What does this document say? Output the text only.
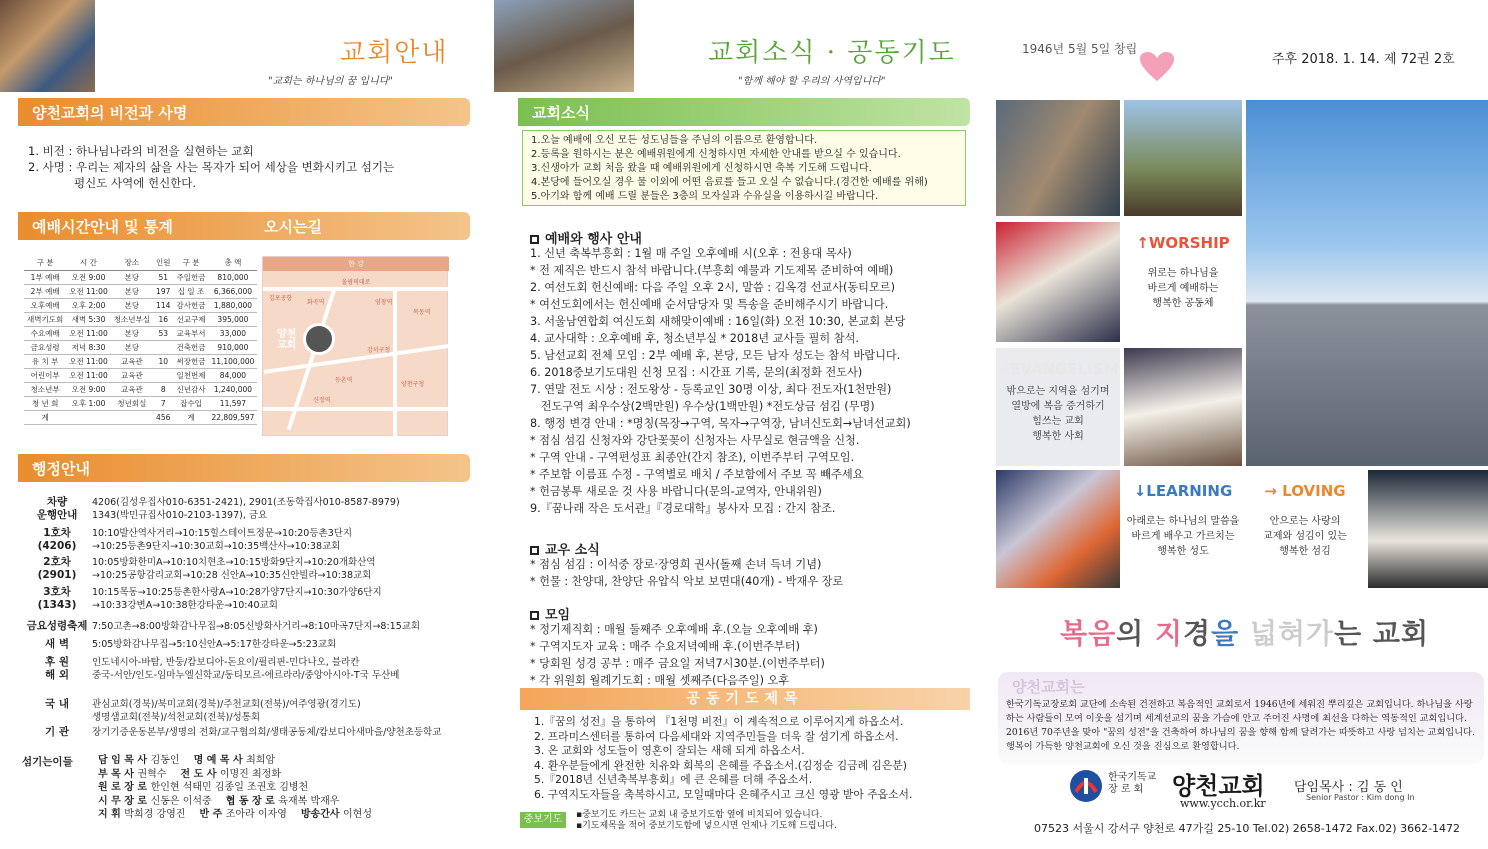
교회안내
"교회는 하나님의 꿈 입니다"
양천교회의 비전과 사명
1. 비전 : 하나님나라의 비전을 실현하는 교회
2. 사명 : 우리는 제자의 삶을 사는 목자가 되어 세상을 변화시키고 섬기는
평신도 사역에 헌신한다.
예배시간안내 및 통계	오시는길
구 분	시 간	장소	인원	구 분	총 액
1부 예배	오전 9:00	본당	51	주일헌금	810,000
2부 예배	오전 11:00	본당	197	십 일 조	6,366,000
오후예배	오후 2:00	본당	114	감사헌금	1,880,000
새벽기도회	새벽 5:30	청소년부실	16	선교구제	395,000
수요예배	오전 11:00	본당	53	교육부서	33,000
금요성령	저녁 8:30	본당		건축헌금	910,000
유 치 부	오전 11:00	교육관	10	써장헌금	11,100,000
어린이부	오전 11:00	교육관		일천번제	84,000
청소년부	오전 9:00	교육관	8	신년감사	1,240,000
청 년 회	오후 1:00	청년회실	7	잡수입	11,597
계			456	계	22,809,597
한 강
올림픽대로
양천
교회
김포공항
화곡역	염창역
목동역
강서구청
등촌역
신정역
양천구청
행정안내
섬기는이들	담 임 목 사 김동인 명 예 목 사 최희암
부 목 사 권혁수 전 도 사 이명진 최정화
원 로 장 로 한인현 석태민 김종일 조권호 김병천
시 무 장 로 신동은 이석중 협 동 장 로 육재복 박재우
지 휘 박희경 강영진 반 주 조아라 이자영 방송간사 이현성
차량
운행안내
4206(김성우집사010-6351-2421), 2901(조동학집사010-8587-8979)
1343(박민규집사010-2103-1397), 금요
1호차
(4206)
10:10발산역사거리→10:15힐스테이트정문→10:20등촌3단지
→10:25등촌9단지→10:30교회→10:35백산사→10:38교회
2호차
(2901)
10:05방화한미A→10:10치현초→10:15방화9단지→10:20개화산역
→10:25공항감리교회→10:28 신안A→10:35신안빌라→10:38교회
3호차
(1343)
10:15목동→10:25등촌한사랑A→10:28가양7단지→10:30가양6단지
→10:33강변A→10:38한강타운→10:40교회
금요성령축제 7:50고촌→8:00방화감나무집→8:05신방화사거리→8:10마곡7단지→8:15교회
새 벽	5:05방화감나무집→5:10신안A→5:17한강타운→5:23교회
후 원
해 외
인도네시아-바탐, 반둥/캄보디아-돈요이/필리핀-민다나오, 블라칸
중국-서안/인도-임마누엘신학교/동티모르-에르라라/중앙아시아-T국 두산베
국 내	관심교회(경북)/북미교회(경북)/주천교회(전북)/여주영광(경기도)
생명샘교회(전북)/석천교회(전북)/성통회
기 관	장기기증운동본부/생명의 전화/교구협의회/생태공동체/캄보디아새마을/양천초등학교
교회소식 · 공동기도
"함께 해야 할 우리의 사역입니다"
교회소식
1.오늘 예배에 오신 모든 성도님들을 주님의 이름으로 환영합니다.
2.등록을 원하시는 분은 예배위원에게 신청하시면 자세한 안내를 받으실 수 있습니다.
3.신생아가 교회 처음 왔을 때 예배위원에게 신청하시면 축복 기도해 드립니다.
4.본당에 들어오실 경우 물 이외에 어떤 음료를 들고 오실 수 없습니다.(경건한 예배를 위해)
5.아기와 함께 예배 드릴 분들은 3층의 모자실과 수유실을 이용하시길 바랍니다.
예배와 행사 안내
1. 신년 축복부흥회 : 1월 매 주일 오후예배 시(오후 : 전용대 목사)
* 전 제직은 반드시 참석 바랍니다.(부흥회 예물과 기도제목 준비하여 예배)
2. 여선도회 헌신예배: 다음 주일 오후 2시, 말씀 : 김옥경 선교사(동티모르)
* 여선도회에서는 헌신예배 순서담당자 및 특송을 준비해주시기 바랍니다.
3. 서울남연합회 여신도회 새해맞이예배 : 16일(화) 오전 10:30, 본교회 본당
4. 교사대학 : 오후예배 후, 청소년부실 * 2018년 교사들 필히 참석.
5. 남선교회 전체 모임 : 2부 예배 후, 본당, 모든 남자 성도는 참석 바랍니다.
6. 2018중보기도대원 신청 모집 : 시간표 기록, 문의(최정화 전도사)
7. 연말 전도 시상 : 전도왕상 - 등록교인 30명 이상, 최다 전도자(1천만원)
전도구역 최우수상(2백만원) 우수상(1백만원) *전도상금 섬김 (무명)
8. 행정 변경 안내 : *명칭(목장→구역, 목자→구역장, 남녀신도회→남녀선교회)
* 점심 섬김 신청자와 강단꽃꽂이 신청자는 사무실로 현금액을 신청.
* 구역 안내 - 구역편성표 최종안(간지 참조), 이번주부터 구역모임.
* 주보함 이름표 수정 - 구역별로 배치 / 주보함에서 주보 꼭 빼주세요
* 헌금봉투 새로운 것 사용 바랍니다(문의-교역자, 안내위원)
9.『꿈나래 작은 도서관』『경로대학』봉사자 모집 : 간지 참조.
교우 소식
* 점심 섬김 : 이석중 장로·장영희 권사(돌째 손녀 득녀 기념)
* 헌물 : 찬양대, 찬양단 유압식 악보 보면대(40개) - 박재우 장로
모임
* 정기제직회 : 매월 둘째주 오후예배 후.(오늘 오후예배 후)
* 구역지도자 교육 : 매주 수요저녁예배 후.(이번주부터)
* 당회원 성경 공부 : 매주 금요일 저녁7시30분.(이번주부터)
* 각 위원회 월례기도회 : 매월 셋째주(다음주일) 오후
공동기도제목
1.『꿈의 성전』을 통하여 『1천명 비전』이 계속적으로 이루어지게 하옵소서.
2. 프라미스센터를 통하여 다음세대와 지역주민들을 더욱 잘 섬기게 하옵소서.
3. 온 교회와 성도들이 영혼이 잘되는 새해 되게 하옵소서.
4. 환우분들에게 완전한 치유와 회복의 은혜를 주옵소서.(김정순 김금례 김은분)
5.『2018년 신년축복부흥회』에 큰 은혜를 더해 주옵소서.
6. 구역지도자들을 축복하시고, 모일때마다 은혜주시고 크신 영광 받아 주옵소서.
중보기도	▪중보기도 카드는 교회 내 중보기도함 옆에 비치되어 있습니다.
▪기도제목을 적어 중보기도함에 넣으시면 언제나 기도해 드립니다.
1946년 5월 5일 창립
주후 2018. 1. 14. 제 72권 2호
↑WORSHIP
위로는 하나님을
바르게 예배하는
행복한 공동체
→EVANGELISM
밖으로는 지역을 섬기며
열방에 복음 증거하기
힘쓰는 교회
행복한 사회
↓LEARNING
아래로는 하나님의 말씀을
바르게 배우고 가르치는
행복한 성도
→ LOVING
안으로는 사랑의
교제와 섬김이 있는
행복한 섬김
복음의 지경을 넓혀가는 교회
양천교회는
한국기독교장로회 교단에 소속된 건전하고 복음적인 교회로서 1946년에 세워진 뿌리깊은 교회입니다. 하나님을 사랑하는 사람들이 모여 이웃을 섬기며 세계선교의 꿈을 가슴에 안고 주어진 사명에 최선을 다하는 역동적인 교회입니다. 2016년 70주년을 맞아 "꿈의 성전"을 건축하여 하나님의 꿈을 향해 함께 달려가는 따뜻하고 사랑 넘치는 교회입니다. 행복이 가득한 양천교회에 오신 것을 진심으로 환영합니다.
한국기독교
장 로 회	양천교회
www.ycch.or.kr
담임목사 : 김 동 인
Senior Pastor : Kim dong In
07523 서울시 강서구 양천로 47가길 25-10 Tel.02) 2658-1472 Fax.02) 3662-1472
